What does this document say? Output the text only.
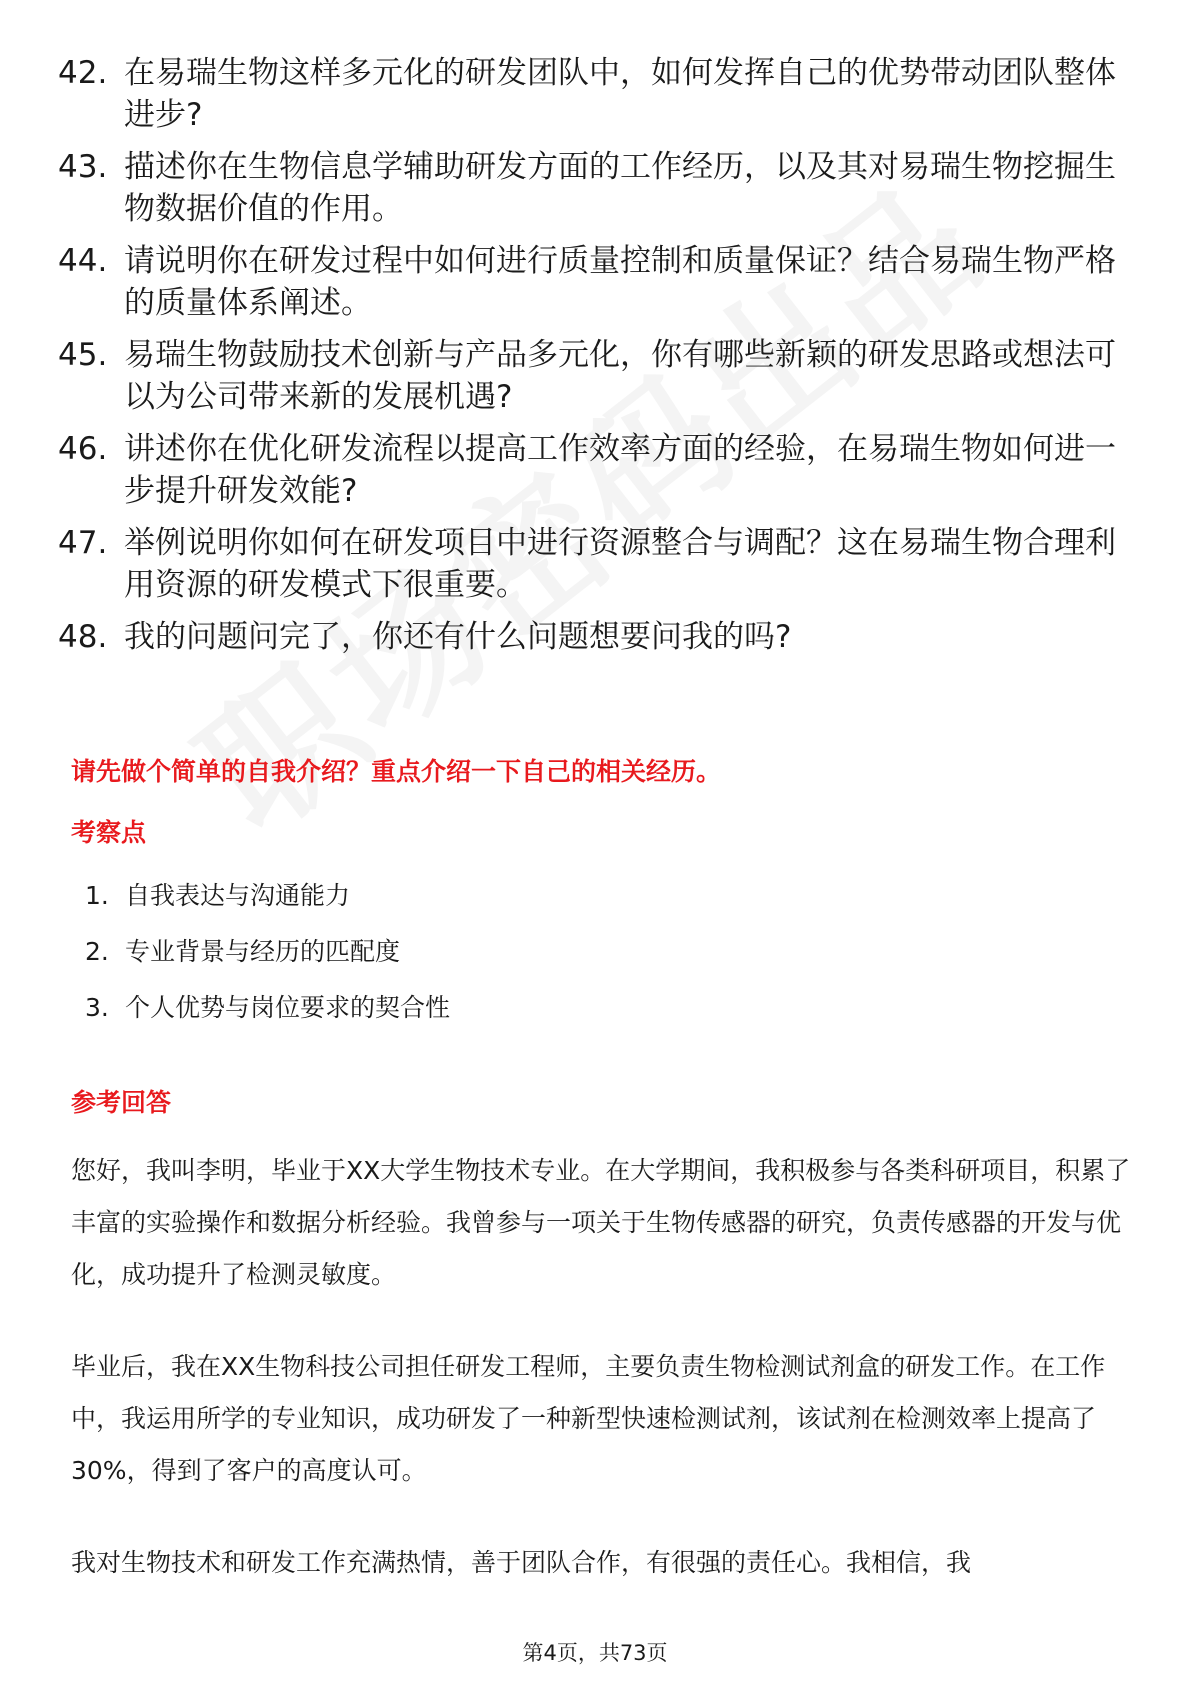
42. 在易瑞生物这样多元化的研发团队中，如何发挥自己的优势带动团队整体进步?
43. 描述你在生物信息学辅助研发方面的工作经历，以及其对易瑞生物挖掘生物数据价值的作用。
44. 请说明你在研发过程中如何进行质量控制和质量保证？结合易瑞生物严格的质量体系阐述。
45. 易瑞生物鼓励技术创新与产品多元化，你有哪些新颖的研发思路或想法可以为公司带来新的发展机遇?
46. 讲述你在优化研发流程以提高工作效率方面的经验，在易瑞生物如何进一步提升研发效能?
47. 举例说明你如何在研发项目中进行资源整合与调配？这在易瑞生物合理利用资源的研发模式下很重要。
48. 我的问题问完了，你还有什么问题想要问我的吗?
请先做个简单的自我介绍？重点介绍一下自己的相关经历。
考察点
1. 自我表达与沟通能力
2. 专业背景与经历的匹配度
3. 个人优势与岗位要求的契合性
参考回答

您好，我叫李明，毕业于XX大学生物技术专业。在大学期间，我积极参与各类科研项目，积累了丰富的实验操作和数据分析经验。我曾参与一项关于生物传感器的研究，负责传感器的开发与优化，成功提升了检测灵敏度。

毕业后，我在XX生物科技公司担任研发工程师，主要负责生物检测试剂盒的研发工作。在工作中，我运用所学的专业知识，成功研发了一种新型快速检测试剂，该试剂在检测效率上提高了30%，得到了客户的高度认可。

我对生物技术和研发工作充满热情，善于团队合作，有很强的责任心。我相信，我

第4页，共73页
